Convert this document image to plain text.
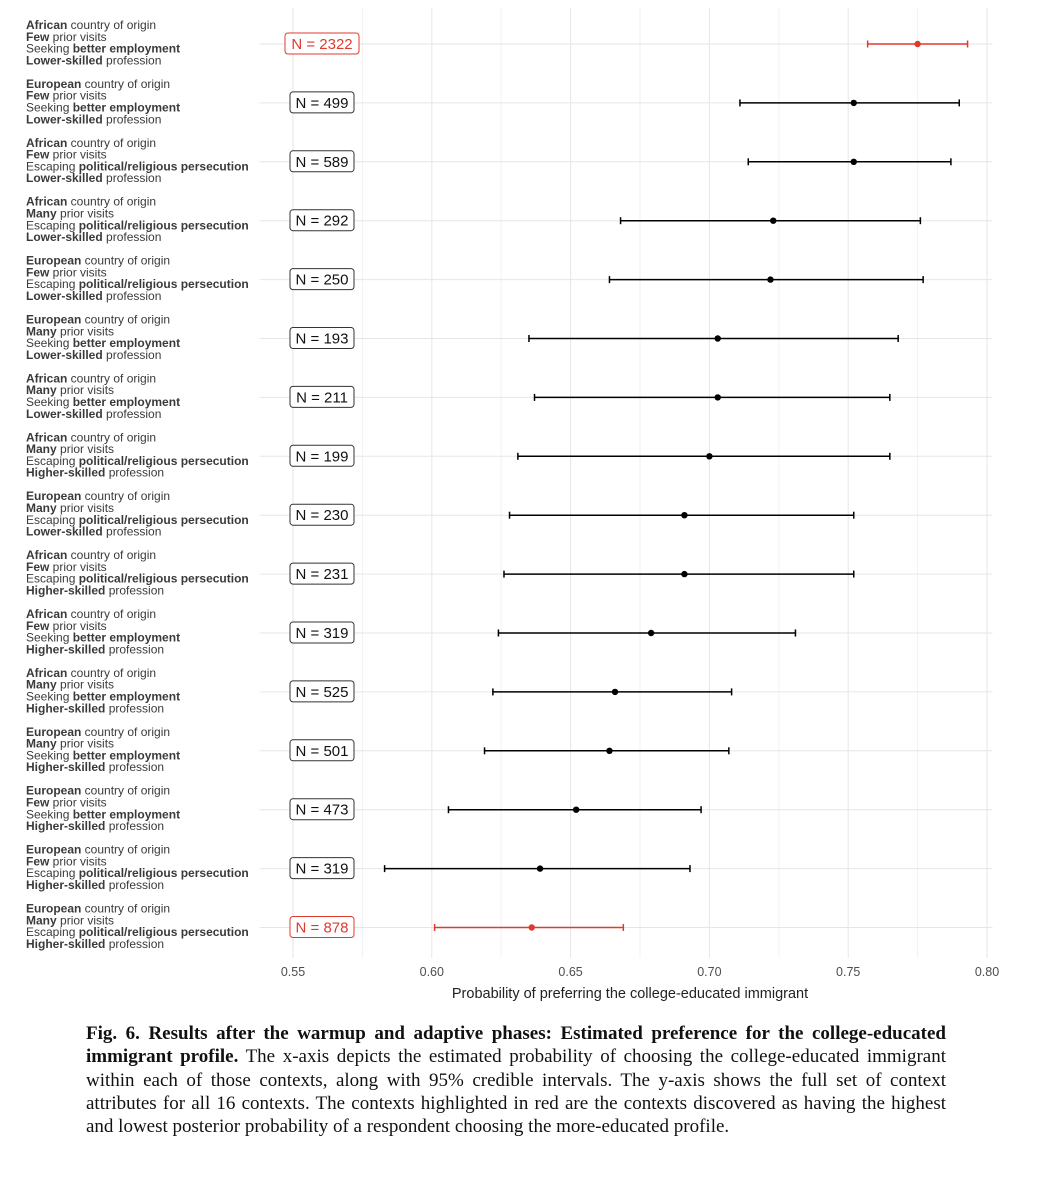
African country of origin Few prior visits Seeking better employment Lower-skilled profession
European country of origin Few prior visits Seeking better employment Lower-skilled profession
African country of origin Few prior visits Escaping political/religious persecution Lower-skilled profession
African country of origin Many prior visits Escaping political/religious persecution Lower-skilled profession
European country of origin Few prior visits Escaping political/religious persecution Lower-skilled profession
European country of origin Many prior visits Seeking better employment Lower-skilled profession
African country of origin Many prior visits Seeking better employment Lower-skilled profession
African country of origin Many prior visits Escaping political/religious persecution Higher-skilled profession
European country of origin Many prior visits Escaping political/religious persecution Lower-skilled profession
African country of origin Few prior visits Escaping political/religious persecution Higher-skilled profession
African country of origin Few prior visits Seeking better employment Higher-skilled profession
African country of origin Many prior visits Seeking better employment Higher-skilled profession
European country of origin Many prior visits Seeking better employment Higher-skilled profession
European country of origin Few prior visits Seeking better employment Higher-skilled profession
European country of origin Few prior visits Escaping political/religious persecution Higher-skilled profession
European country of origin Many prior visits Escaping political/religious persecution Higher-skilled profession
N = 2322
N = 499
N = 589
N = 292
N = 250
N = 193
N = 211
N = 199
N = 230
N = 231
N = 319
N = 525
N = 501
N = 473
N = 319
N = 878
0.55	0.60	0.65	0.70	0.75	0.80
Probability of preferring the college-educated immigrant
Fig. 6. Results after the warmup and adaptive phases: Estimated preference for the college-educated immigrant profile. The x-axis depicts the estimated probability of choosing the college-educated immigrant within each of those contexts, along with 95% credible intervals. The y-axis shows the full set of context attributes for all 16 contexts. The contexts highlighted in red are the contexts discovered as having the highest and lowest posterior probability of a respondent choosing the more-educated profile.
